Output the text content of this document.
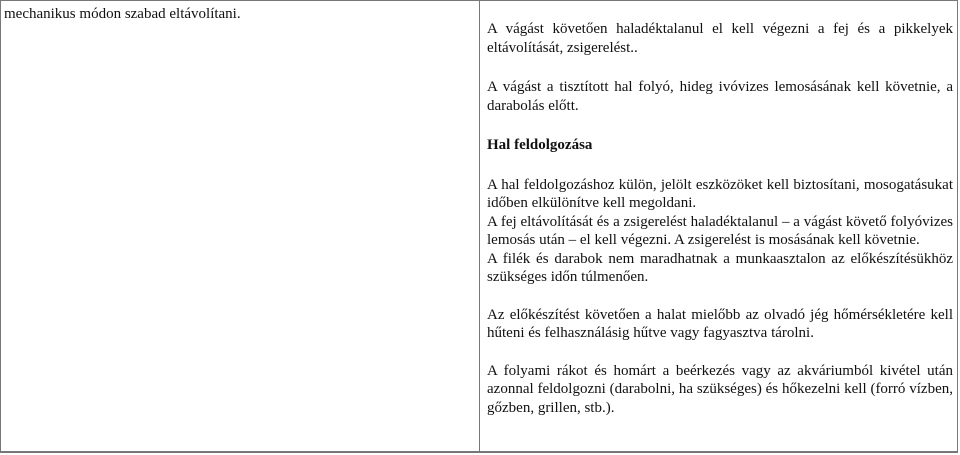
mechanikus módon szabad eltávolítani.

A vágást követően haladéktalanul el kell végezni a fej és a pikkelyek eltávolítását, zsigerelést..

A vágást a tisztított hal folyó, hideg ivóvizes lemosásának kell követnie, a darabolás előtt.

Hal feldolgozása

A hal feldolgozáshoz külön, jelölt eszközöket kell biztosítani, mosogatásukat időben elkülönítve kell megoldani.

A fej eltávolítását és a zsigerelést haladéktalanul – a vágást követő folyóvizes lemosás után – el kell végezni. A zsigerelést is mosásának kell követnie.

A filék és darabok nem maradhatnak a munkaasztalon az előkészítésükhöz szükséges időn túlmenően.

Az előkészítést követően a halat mielőbb az olvadó jég hőmérsékletére kell hűteni és felhasználásig hűtve vagy fagyasztva tárolni.

A folyami rákot és homárt a beérkezés vagy az akváriumból kivétel után azonnal feldolgozni (darabolni, ha szükséges) és hőkezelni kell (forró vízben, gőzben, grillen, stb.).
